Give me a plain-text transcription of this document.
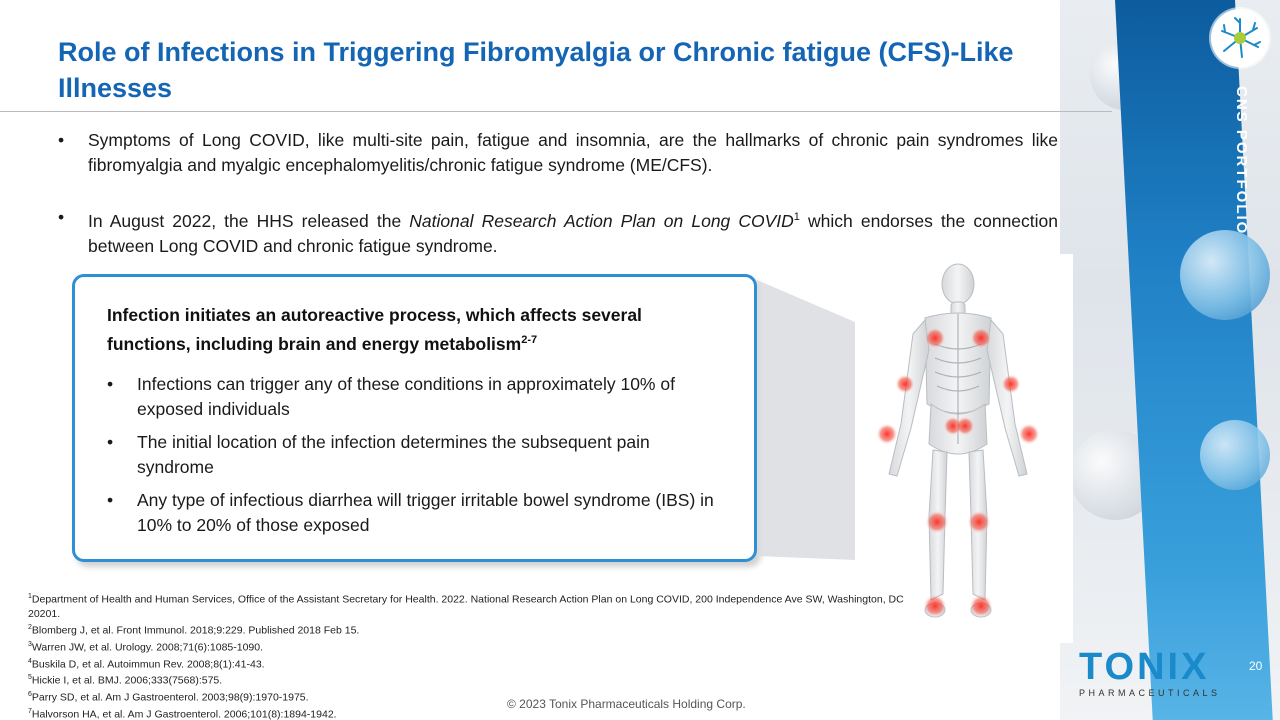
CNS PORTFOLIO
Role of Infections in Triggering Fibromyalgia or Chronic fatigue (CFS)-Like Illnesses
• Symptoms of Long COVID, like multi-site pain, fatigue and insomnia, are the hallmarks of chronic pain syndromes like fibromyalgia and myalgic encephalomyelitis/chronic fatigue syndrome (ME/CFS).
• In August 2022, the HHS released the National Research Action Plan on Long COVID$^1$ which endorses the connection between Long COVID and chronic fatigue syndrome.
Infection initiates an autoreactive process, which affects several functions, including brain and energy metabolism$^{2-7}$
• Infections can trigger any of these conditions in approximately 10% of exposed individuals
• The initial location of the infection determines the subsequent pain syndrome
• Any type of infectious diarrhea will trigger irritable bowel syndrome (IBS) in 10% to 20% of those exposed
$^1$Department of Health and Human Services, Office of the Assistant Secretary for Health. 2022. National Research Action Plan on Long COVID, 200 Independence Ave SW, Washington, DC 20201.
$^2$Blomberg J, et al. Front Immunol. 2018;9:229. Published 2018 Feb 15.
$^3$Warren JW, et al. Urology. 2008;71(6):1085-1090.
$^4$Buskila D, et al. Autoimmun Rev. 2008;8(1):41-43.
$^5$Hickie I, et al. BMJ. 2006;333(7568):575.
$^6$Parry SD, et al. Am J Gastroenterol. 2003;98(9):1970-1975.
$^7$Halvorson HA, et al. Am J Gastroenterol. 2006;101(8):1894-1942.
© 2023 Tonix Pharmaceuticals Holding Corp.
TONIX
PHARMACEUTICALS
20
